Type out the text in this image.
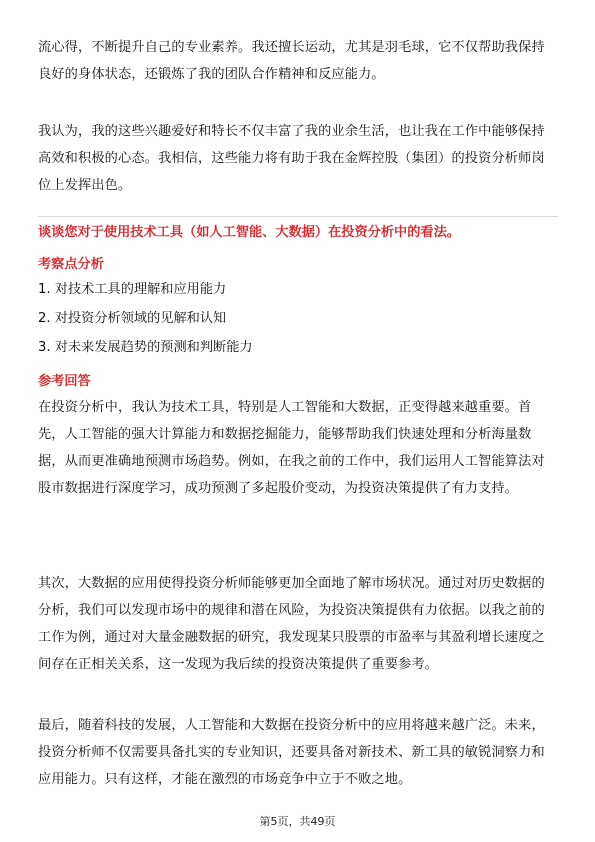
流心得，不断提升自己的专业素养。我还擅长运动，尤其是羽毛球，它不仅帮助我保持良好的身体状态，还锻炼了我的团队合作精神和反应能力。

我认为，我的这些兴趣爱好和特长不仅丰富了我的业余生活，也让我在工作中能够保持高效和积极的心态。我相信，这些能力将有助于我在金辉控股（集团）的投资分析师岗位上发挥出色。

谈谈您对于使用技术工具（如人工智能、大数据）在投资分析中的看法。

考察点分析

1. 对技术工具的理解和应用能力

2. 对投资分析领域的见解和认知

3. 对未来发展趋势的预测和判断能力

参考回答

在投资分析中，我认为技术工具，特别是人工智能和大数据，正变得越来越重要。首先，人工智能的强大计算能力和数据挖掘能力，能够帮助我们快速处理和分析海量数据，从而更准确地预测市场趋势。例如，在我之前的工作中，我们运用人工智能算法对股市数据进行深度学习，成功预测了多起股价变动，为投资决策提供了有力支持。

其次，大数据的应用使得投资分析师能够更加全面地了解市场状况。通过对历史数据的分析，我们可以发现市场中的规律和潜在风险，为投资决策提供有力依据。以我之前的工作为例，通过对大量金融数据的研究，我发现某只股票的市盈率与其盈利增长速度之间存在正相关关系，这一发现为我后续的投资决策提供了重要参考。

最后，随着科技的发展，人工智能和大数据在投资分析中的应用将越来越广泛。未来，投资分析师不仅需要具备扎实的专业知识，还要具备对新技术、新工具的敏锐洞察力和应用能力。只有这样，才能在激烈的市场竞争中立于不败之地。

第5页，共49页
